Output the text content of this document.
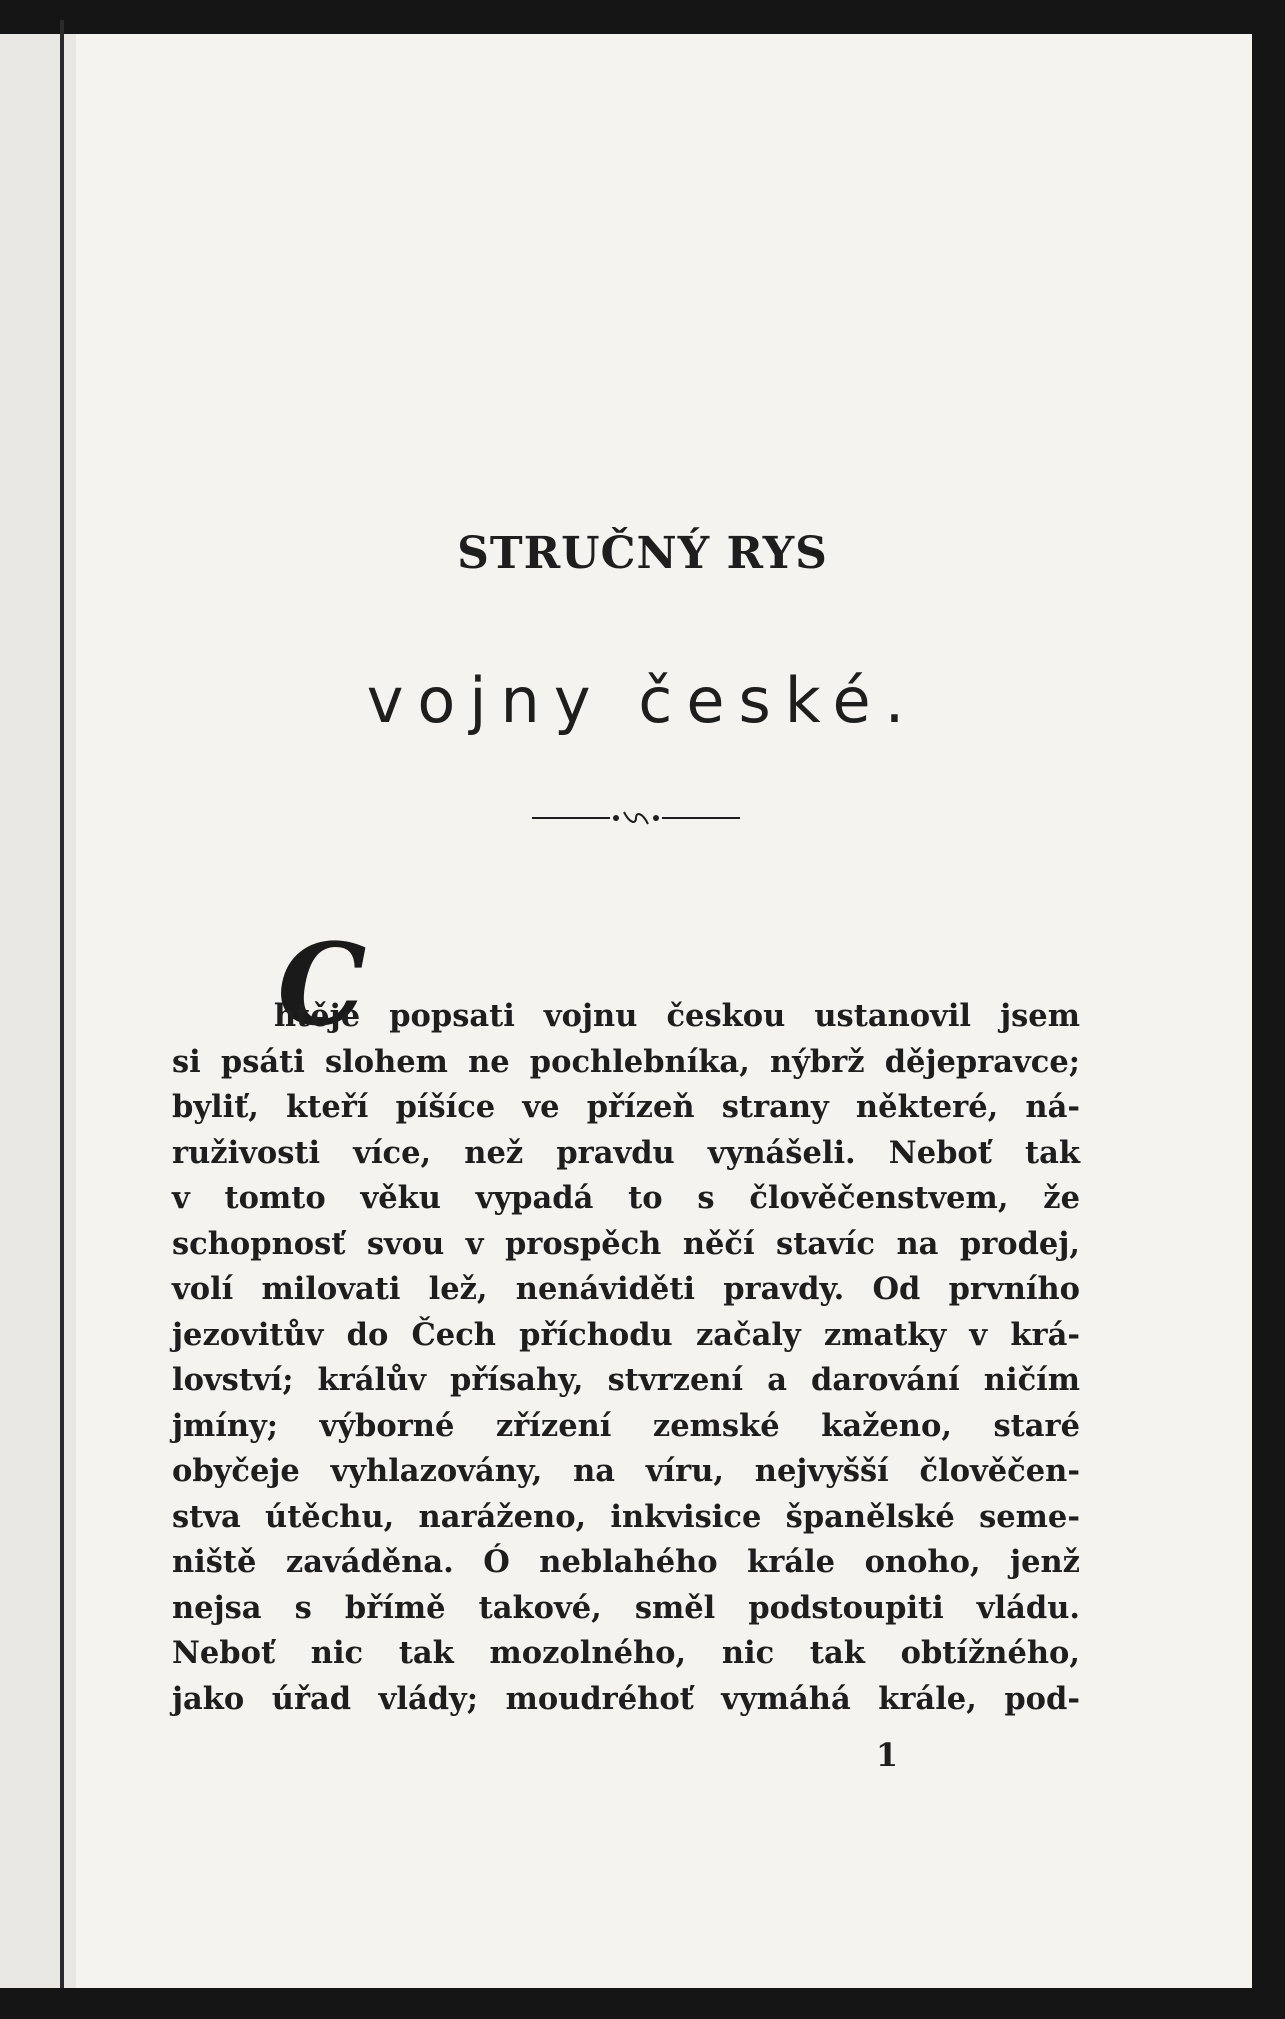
STRUČNÝ RYS
vojny české.
C
htěje popsati vojnu českou ustanovil jsem
si psáti slohem ne pochlebníka, nýbrž dějepravce;
byliť, kteří píšíce ve přízeň strany některé, ná-
ruživosti více, než pravdu vynášeli. Neboť tak
v tomto věku vypadá to s člověčenstvem, že
schopnosť svou v prospěch něčí stavíc na prodej,
volí milovati lež, nenáviděti pravdy. Od prvního
jezovitův do Čech příchodu začaly zmatky v krá-
lovství; králův přísahy, stvrzení a darování ničím
jmíny; výborné zřízení zemské kaženo, staré
obyčeje vyhlazovány, na víru, nejvyšší člověčen-
stva útěchu, naráženo, inkvisice španělské seme-
niště zaváděna. Ó neblahého krále onoho, jenž
nejsa s břímě takové, směl podstoupiti vládu.
Neboť nic tak mozolného, nic tak obtížného,
jako úřad vlády; moudréhoť vymáhá krále, pod-
1
